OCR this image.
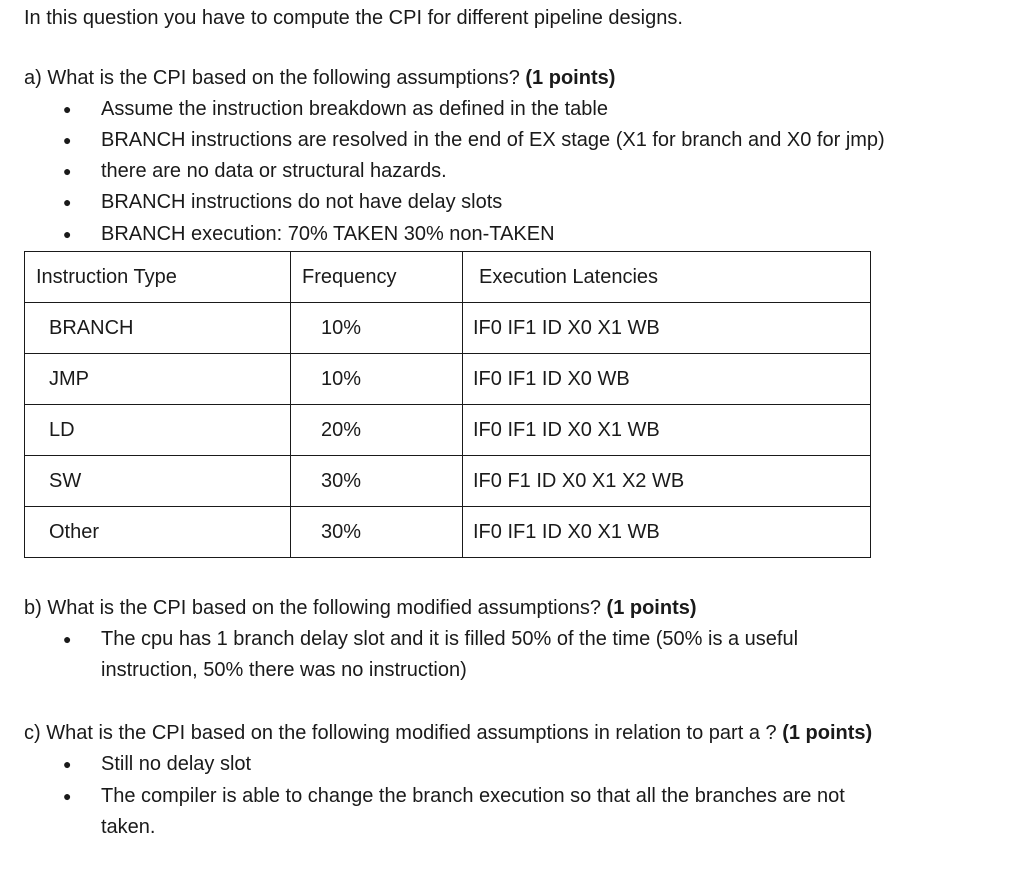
In this question you have to compute the CPI for different pipeline designs.
a) What is the CPI based on the following assumptions? (1 points)
● Assume the instruction breakdown as defined in the table
● BRANCH instructions are resolved in the end of EX stage (X1 for branch and X0 for jmp)
● there are no data or structural hazards.
● BRANCH instructions do not have delay slots
● BRANCH execution: 70% TAKEN 30% non-TAKEN
Instruction Type	Frequency	Execution Latencies
BRANCH	10%	IF0 IF1 ID X0 X1 WB
JMP	10%	IF0 IF1 ID X0 WB
LD	20%	IF0 IF1 ID X0 X1 WB
SW	30%	IF0 F1 ID X0 X1 X2 WB
Other	30%	IF0 IF1 ID X0 X1 WB
b) What is the CPI based on the following modified assumptions? (1 points)
● The cpu has 1 branch delay slot and it is filled 50% of the time (50% is a useful
instruction, 50% there was no instruction)
c) What is the CPI based on the following modified assumptions in relation to part a ? (1 points)
● Still no delay slot
● The compiler is able to change the branch execution so that all the branches are not
taken.
